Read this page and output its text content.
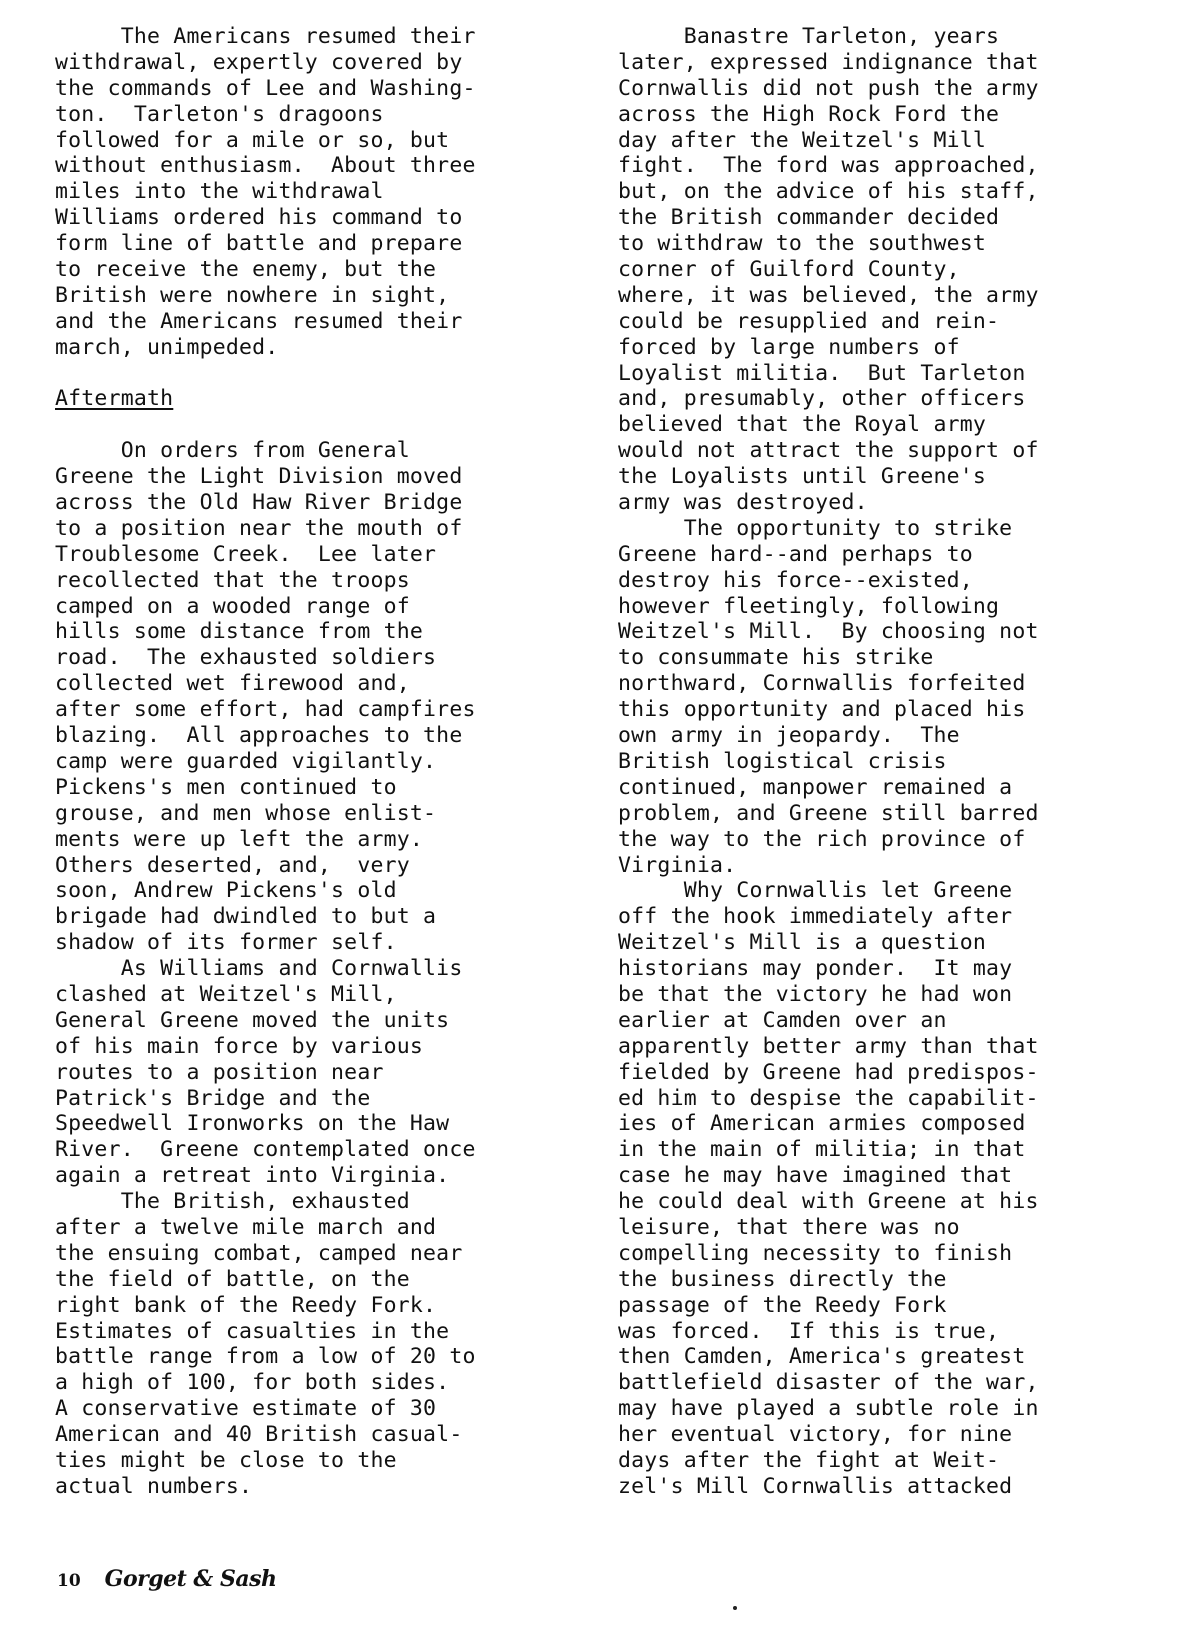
The Americans resumed their
withdrawal, expertly covered by
the commands of Lee and Washing-
ton.  Tarleton's dragoons
followed for a mile or so, but
without enthusiasm.  About three
miles into the withdrawal
Williams ordered his command to
form line of battle and prepare
to receive the enemy, but the
British were nowhere in sight,
and the Americans resumed their
march, unimpeded.
Aftermath
On orders from General
Greene the Light Division moved
across the Old Haw River Bridge
to a position near the mouth of
Troublesome Creek.  Lee later
recollected that the troops
camped on a wooded range of
hills some distance from the
road.  The exhausted soldiers
collected wet firewood and,
after some effort, had campfires
blazing.  All approaches to the
camp were guarded vigilantly.
Pickens's men continued to
grouse, and men whose enlist-
ments were up left the army.
Others deserted, and,  very
soon, Andrew Pickens's old
brigade had dwindled to but a
shadow of its former self.
As Williams and Cornwallis
clashed at Weitzel's Mill,
General Greene moved the units
of his main force by various
routes to a position near
Patrick's Bridge and the
Speedwell Ironworks on the Haw
River.  Greene contemplated once
again a retreat into Virginia.
The British, exhausted
after a twelve mile march and
the ensuing combat, camped near
the field of battle, on the
right bank of the Reedy Fork.
Estimates of casualties in the
battle range from a low of 20 to
a high of 100, for both sides.
A conservative estimate of 30
American and 40 British casual-
ties might be close to the
actual numbers.
Banastre Tarleton, years
later, expressed indignance that
Cornwallis did not push the army
across the High Rock Ford the
day after the Weitzel's Mill
fight.  The ford was approached,
but, on the advice of his staff,
the British commander decided
to withdraw to the southwest
corner of Guilford County,
where, it was believed, the army
could be resupplied and rein-
forced by large numbers of
Loyalist militia.  But Tarleton
and, presumably, other officers
believed that the Royal army
would not attract the support of
the Loyalists until Greene's
army was destroyed.
The opportunity to strike
Greene hard--and perhaps to
destroy his force--existed,
however fleetingly, following
Weitzel's Mill.  By choosing not
to consummate his strike
northward, Cornwallis forfeited
this opportunity and placed his
own army in jeopardy.  The
British logistical crisis
continued, manpower remained a
problem, and Greene still barred
the way to the rich province of
Virginia.
Why Cornwallis let Greene
off the hook immediately after
Weitzel's Mill is a question
historians may ponder.  It may
be that the victory he had won
earlier at Camden over an
apparently better army than that
fielded by Greene had predispos-
ed him to despise the capabilit-
ies of American armies composed
in the main of militia; in that
case he may have imagined that
he could deal with Greene at his
leisure, that there was no
compelling necessity to finish
the business directly the
passage of the Reedy Fork
was forced.  If this is true,
then Camden, America's greatest
battlefield disaster of the war,
may have played a subtle role in
her eventual victory, for nine
days after the fight at Weit-
zel's Mill Cornwallis attacked
10 Gorget & Sash
